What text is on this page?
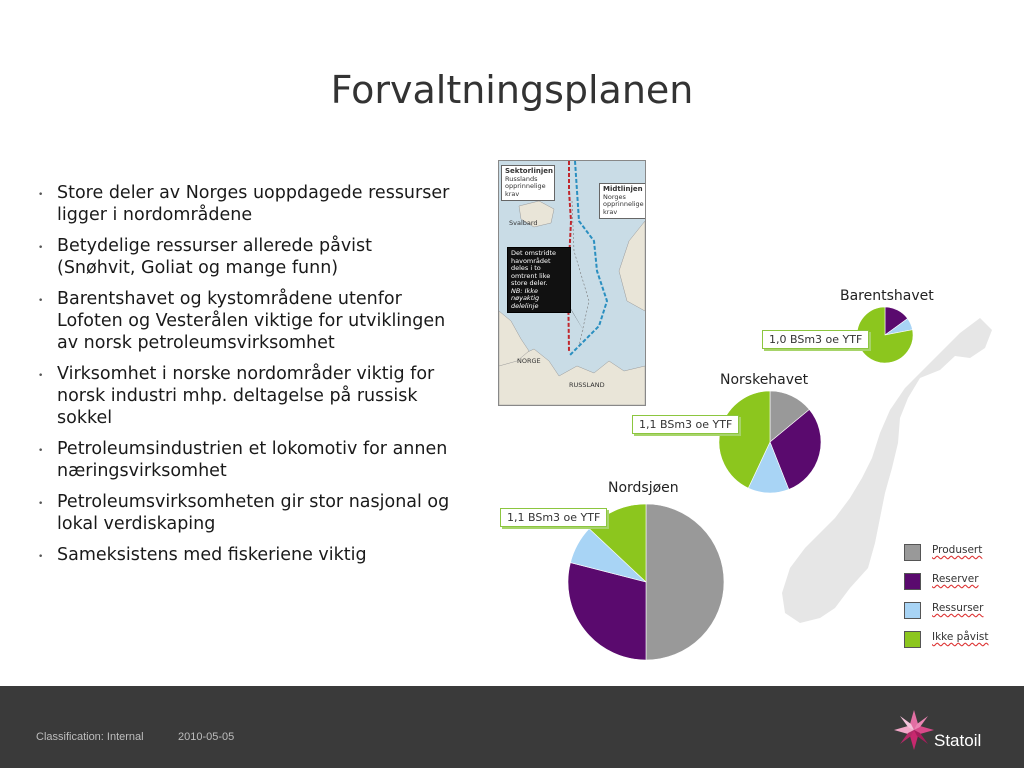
Forvaltningsplanen
• Store deler av Norges uoppdagede ressurser ligger i nordområdene
• Betydelige ressurser allerede påvist (Snøhvit, Goliat og mange funn)
• Barentshavet og kystområdene utenfor Lofoten og Vesterålen viktige for utviklingen av norsk petroleumsvirksomhet
• Virksomhet i norske nordområder viktig for norsk industri mhp. deltagelse på russisk sokkel
• Petroleumsindustrien et lokomotiv for annen næringsvirksomhet
• Petroleumsvirksomheten gir stor nasjonal og lokal verdiskaping
• Sameksistens med fiskeriene viktig
Sektorlinjen
Russlands opprinnelige krav
Midtlinjen
Norges opprinnelige krav
Det omstridte havområdet deles i to omtrent like store deler.
NB: Ikke nøyaktig delelinje
Svalbard
NORGE
RUSSLAND
Barentshavet
1,0 BSm3 oe YTF
Norskehavet
1,1 BSm3 oe YTF
Nordsjøen
1,1 BSm3 oe YTF
Produsert
Reserver
Ressurser
Ikke påvist
Classification: Internal	2010-05-05	Statoil
